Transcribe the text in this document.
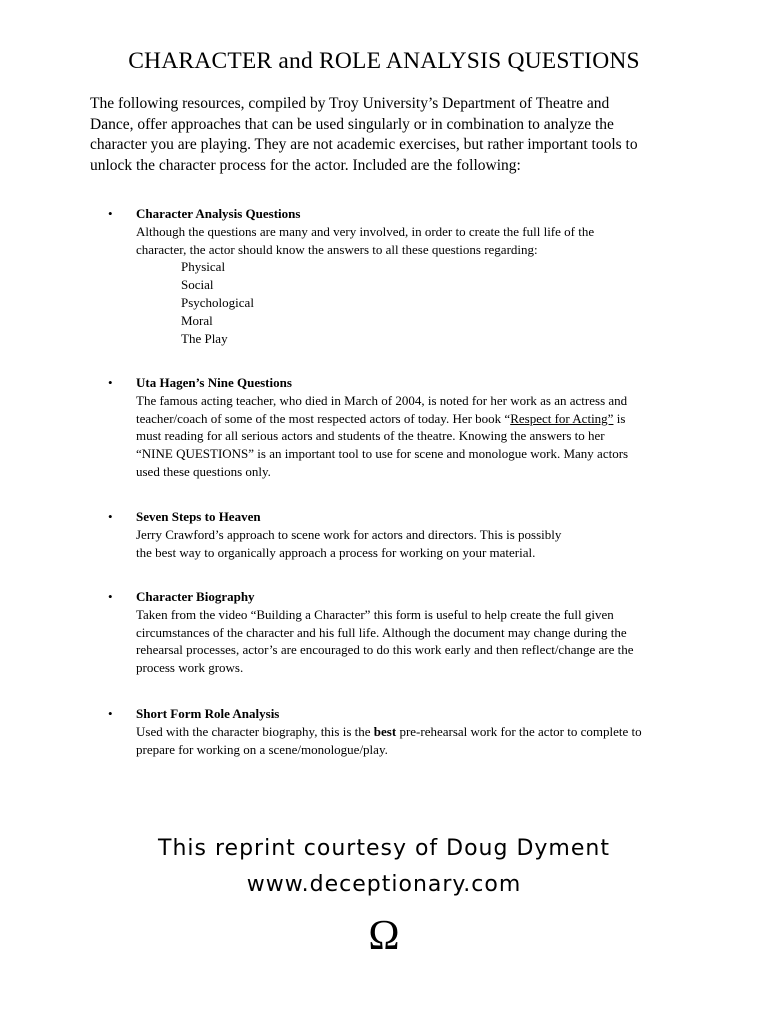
CHARACTER and ROLE ANALYSIS QUESTIONS
The following resources, compiled by Troy University’s Department of Theatre and
Dance, offer approaches that can be used singularly or in combination to analyze the
character you are playing. They are not academic exercises, but rather important tools to
unlock the character process for the actor. Included are the following:
• Character Analysis Questions
Although the questions are many and very involved, in order to create the full life of the
character, the actor should know the answers to all these questions regarding:
Physical
Social
Psychological
Moral
The Play
• Uta Hagen’s Nine Questions
The famous acting teacher, who died in March of 2004, is noted for her work as an actress and
teacher/coach of some of the most respected actors of today. Her book “Respect for Acting” is
must reading for all serious actors and students of the theatre. Knowing the answers to her
“NINE QUESTIONS” is an important tool to use for scene and monologue work. Many actors
used these questions only.
• Seven Steps to Heaven
Jerry Crawford’s approach to scene work for actors and directors. This is possibly
the best way to organically approach a process for working on your material.
• Character Biography
Taken from the video “Building a Character” this form is useful to help create the full given
circumstances of the character and his full life. Although the document may change during the
rehearsal processes, actor’s are encouraged to do this work early and then reflect/change are the
process work grows.
• Short Form Role Analysis
Used with the character biography, this is the best pre-rehearsal work for the actor to complete to
prepare for working on a scene/monologue/play.
This reprint courtesy of Doug Dyment
www.deceptionary.com
Ω
